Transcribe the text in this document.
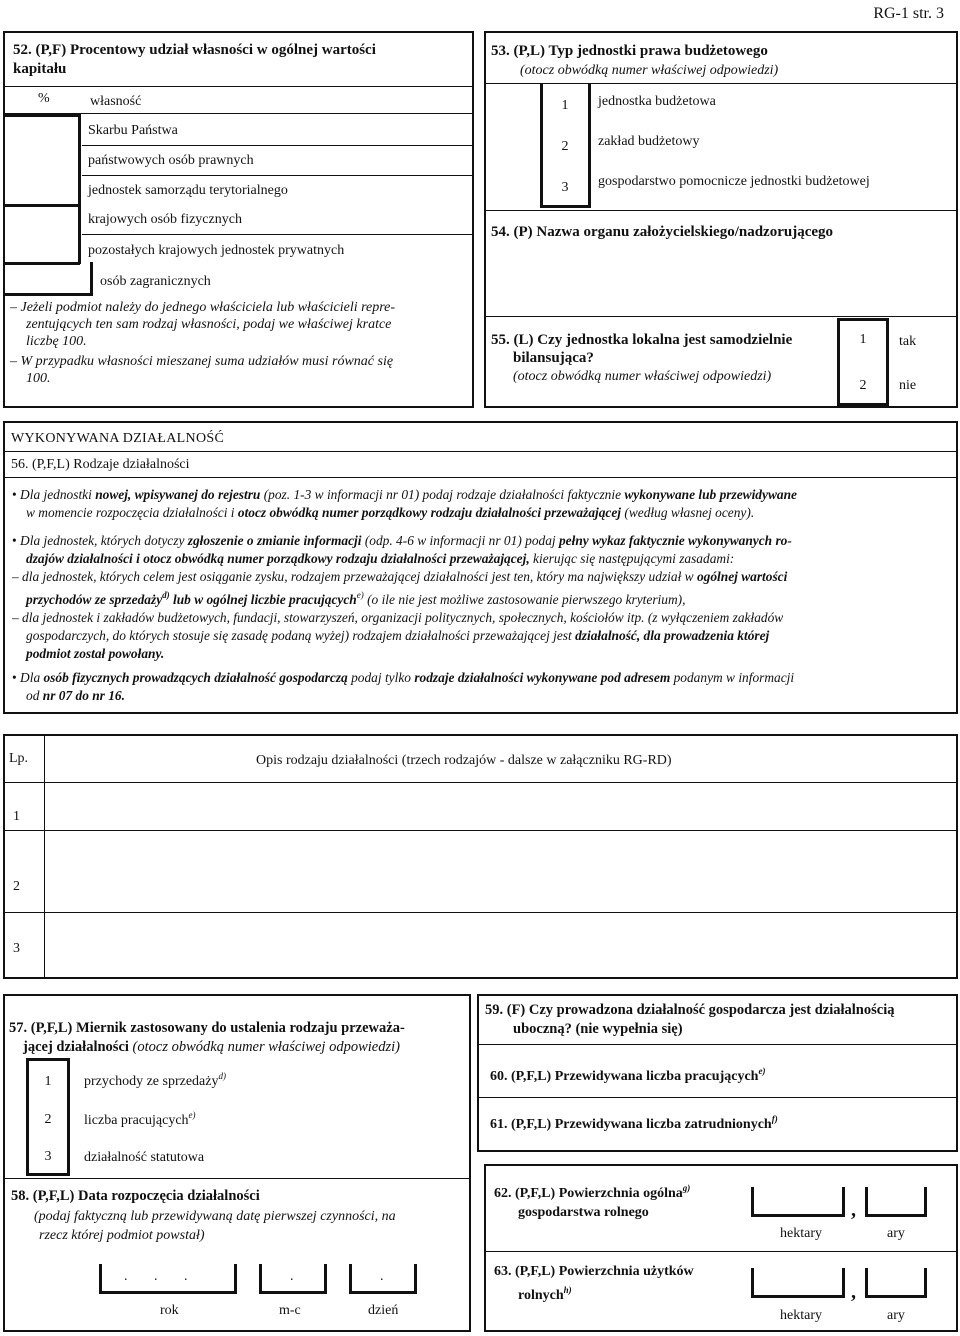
RG-1 str. 3
52. (P,F) Procentowy udział własności w ogólnej wartości
kapitału
%	własność
Skarbu Państwa
państwowych osób prawnych
jednostek samorządu terytorialnego
krajowych osób fizycznych
pozostałych krajowych jednostek prywatnych
osób zagranicznych
– Jeżeli podmiot należy do jednego właściciela lub właścicieli repre-
zentujących ten sam rodzaj własności, podaj we właściwej kratce
liczbę 100.
– W przypadku własności mieszanej suma udziałów musi równać się
100.
53. (P,L) Typ jednostki prawa budżetowego
(otocz obwódką numer właściwej odpowiedzi)
1	jednostka budżetowa
2	zakład budżetowy
3	gospodarstwo pomocnicze jednostki budżetowej
54. (P) Nazwa organu założycielskiego/nadzorującego
55. (L) Czy jednostka lokalna jest samodzielnie
bilansująca?
(otocz obwódką numer właściwej odpowiedzi)
1	tak
2	nie
WYKONYWANA DZIAŁALNOŚĆ
56. (P,F,L) Rodzaje działalności
• Dla jednostki nowej, wpisywanej do rejestru (poz. 1-3 w informacji nr 01) podaj rodzaje działalności faktycznie wykonywane lub przewidywane
w momencie rozpoczęcia działalności i otocz obwódką numer porządkowy rodzaju działalności przeważającej (według własnej oceny).
• Dla jednostek, których dotyczy zgłoszenie o zmianie informacji (odp. 4-6 w informacji nr 01) podaj pełny wykaz faktycznie wykonywanych ro-
dzajów działalności i otocz obwódką numer porządkowy rodzaju działalności przeważającej, kierując się następującymi zasadami:
– dla jednostek, których celem jest osiąganie zysku, rodzajem przeważającej działalności jest ten, który ma największy udział w ogólnej wartości
przychodów ze sprzedaży$^{d)}$ lub w ogólnej liczbie pracujących$^{e)}$ (o ile nie jest możliwe zastosowanie pierwszego kryterium),
– dla jednostek i zakładów budżetowych, fundacji, stowarzyszeń, organizacji politycznych, społecznych, kościołów itp. (z wyłączeniem zakładów
gospodarczych, do których stosuje się zasadę podaną wyżej) rodzajem działalności przeważającej jest działalność, dla prowadzenia której
podmiot został powołany.
• Dla osób fizycznych prowadzących działalność gospodarczą podaj tylko rodzaje działalności wykonywane pod adresem podanym w informacji
od nr 07 do nr 16.
Lp.	Opis rodzaju działalności (trzech rodzajów - dalsze w załączniku RG-RD)
1
2
3
57. (P,F,L) Miernik zastosowany do ustalenia rodzaju przeważa-
jącej działalności (otocz obwódką numer właściwej odpowiedzi)
1	przychody ze sprzedaży$^{d)}$
2	liczba pracujących$^{e)}$
3	działalność statutowa
58. (P,F,L) Data rozpoczęcia działalności
(podaj faktyczną lub przewidywaną datę pierwszej czynności, na
rzecz której podmiot powstał)
. . .	.	.
rok	m-c	dzień
59. (F) Czy prowadzona działalność gospodarcza jest działalnością
uboczną? (nie wypełnia się)
60. (P,F,L) Przewidywana liczba pracujących$^{e)}$
61. (P,F,L) Przewidywana liczba zatrudnionych$^{f)}$
62. (P,F,L) Powierzchnia ogólna$^{g)}$
gospodarstwa rolnego	,
hektary	ary
63. (P,F,L) Powierzchnia użytków
rolnych$^{h)}$	,
hektary	ary
